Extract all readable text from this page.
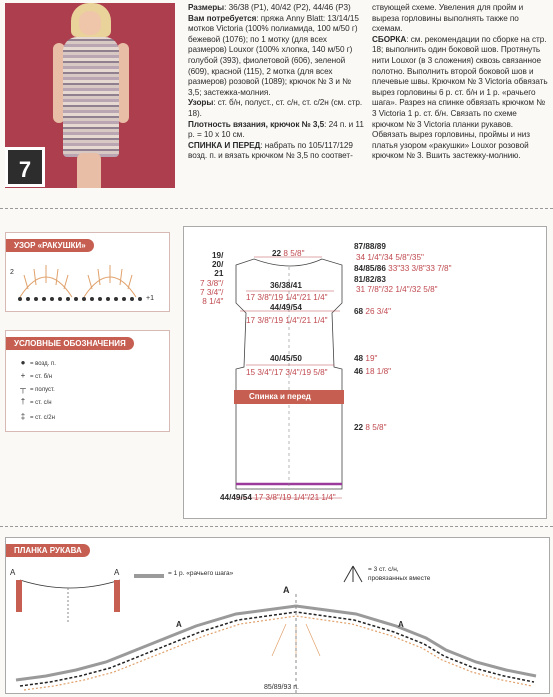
7

Размеры: 36/38 (Р1), 40/42 (Р2), 44/46 (Р3)

Вам потребуется: пряжа Anny Blatt: 13/14/15 мотков Victoria (100% полиамида, 100 м/50 г) бежевой (1076); по 1 мотку (для всех размеров) Louxor (100% хлопка, 140 м/50 г) голубой (393), фиолетовой (606), зеленой (609), красной (115), 2 мотка (для всех размеров) розовой (1089); крючок № 3 и № 3,5; застежка-молния.

Узоры: ст. б/н, полуст., ст. с/н, ст. с/2н (см. стр. 18).

Плотность вязания, крючок № 3,5: 24 п. и 11 р. = 10 х 10 см.

СПИНКА И ПЕРЕД: набрать по 105/117/129 возд. п. и вязать крючком № 3,5 по соответ-

ствующей схеме. Увеления для пройм и выреза горловины выполнять также по схемам.

СБОРКА: см. рекомендации по сборке на стр. 18; выполнить один боковой шов. Протянуть нити Louxor (в 3 сложения) сквозь связанное полотно. Выполнить второй боковой шов и плечевые швы. Крючком № 3 Victoria обвязать вырез горловины 6 р. ст. б/н и 1 р. «рачьего шага». Разрез на спинке обвязать крючком № 3 Victoria 1 р. ст. б/н. Связать по схеме крючком № 3 Victoria планки рукавов. Обвязать вырез горловины, проймы и низ платья узором «ракушки» Louxor розовой крючком № 3. Вшить застежку-молнию.

УЗОР «РАКУШКИ»
2
+1
УСЛОВНЫЕ ОБОЗНАЧЕНИЯ
● = возд. п.
+ = ст. б/н
┬ = полуст.
† = ст. с/н
‡ = ст. с/2н
Спинка и перед
22 8 5/8"
19/
20/
21
7 3/8"/
7 3/4"/
8 1/4"
36/38/41
17 3/8"/19 1/4"/21 1/4"
44/49/54
17 3/8"/19 1/4"/21 1/4"
40/45/50
15 3/4"/17 3/4"/19 5/8"
44/49/54 17 3/8"/19 1/4"/21 1/4"
87/88/89
34 1/4"/34 5/8"/35"
84/85/86 33"33 3/8"33 7/8"
81/82/83
31 7/8"/32 1/4"/32 5/8"
68 26 3/4"
48 19"
46 18 1/8"
22 8 5/8"
ПЛАНКА РУКАВА
A	A	= 1 р. «рачьего шага»
= 3 ст. с/н,
провязанных вместе
A
A	A
85/89/93 п.
